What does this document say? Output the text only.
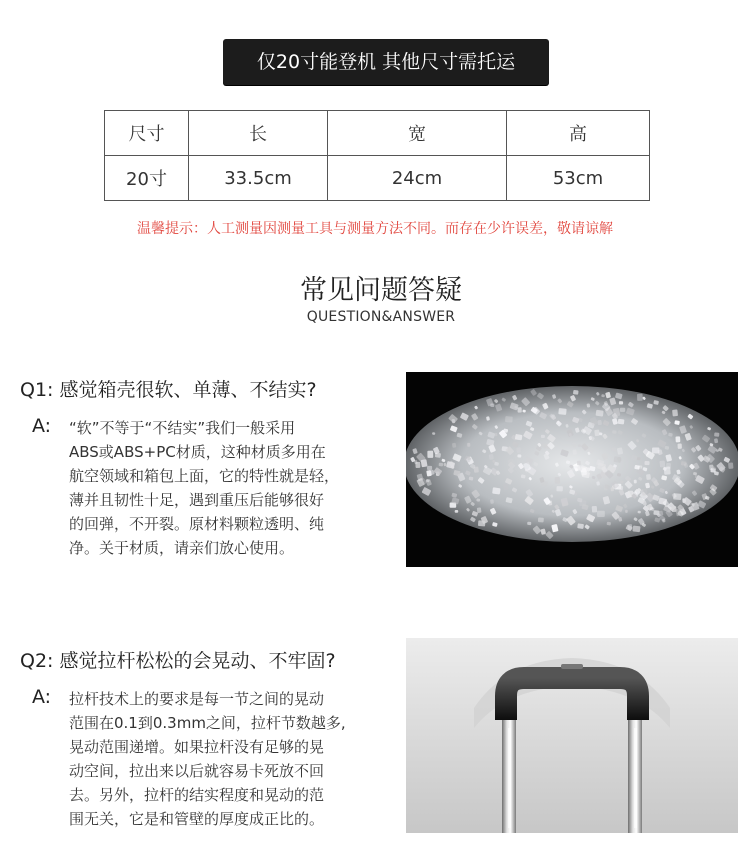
仅20寸能登机 其他尺寸需托运
尺寸	长	宽	高
20寸	33.5cm	24cm	53cm
温馨提示：人工测量因测量工具与测量方法不同。而存在少许误差，敬请谅解
常见问题答疑
QUESTION&ANSWER
Q1: 感觉箱壳很软、单薄、不结实?
A: “软”不等于“不结实”我们一般采用
ABS或ABS+PC材质，这种材质多用在
航空领域和箱包上面，它的特性就是轻，
薄并且韧性十足，遇到重压后能够很好
的回弹，不开裂。原材料颗粒透明、纯
净。关于材质，请亲们放心使用。
Q2: 感觉拉杆松松的会晃动、不牢固?
A: 拉杆技术上的要求是每一节之间的晃动
范围在0.1到0.3mm之间，拉杆节数越多,
晃动范围递增。如果拉杆没有足够的晃
动空间，拉出来以后就容易卡死放不回
去。另外，拉杆的结实程度和晃动的范
围无关，它是和管壁的厚度成正比的。
